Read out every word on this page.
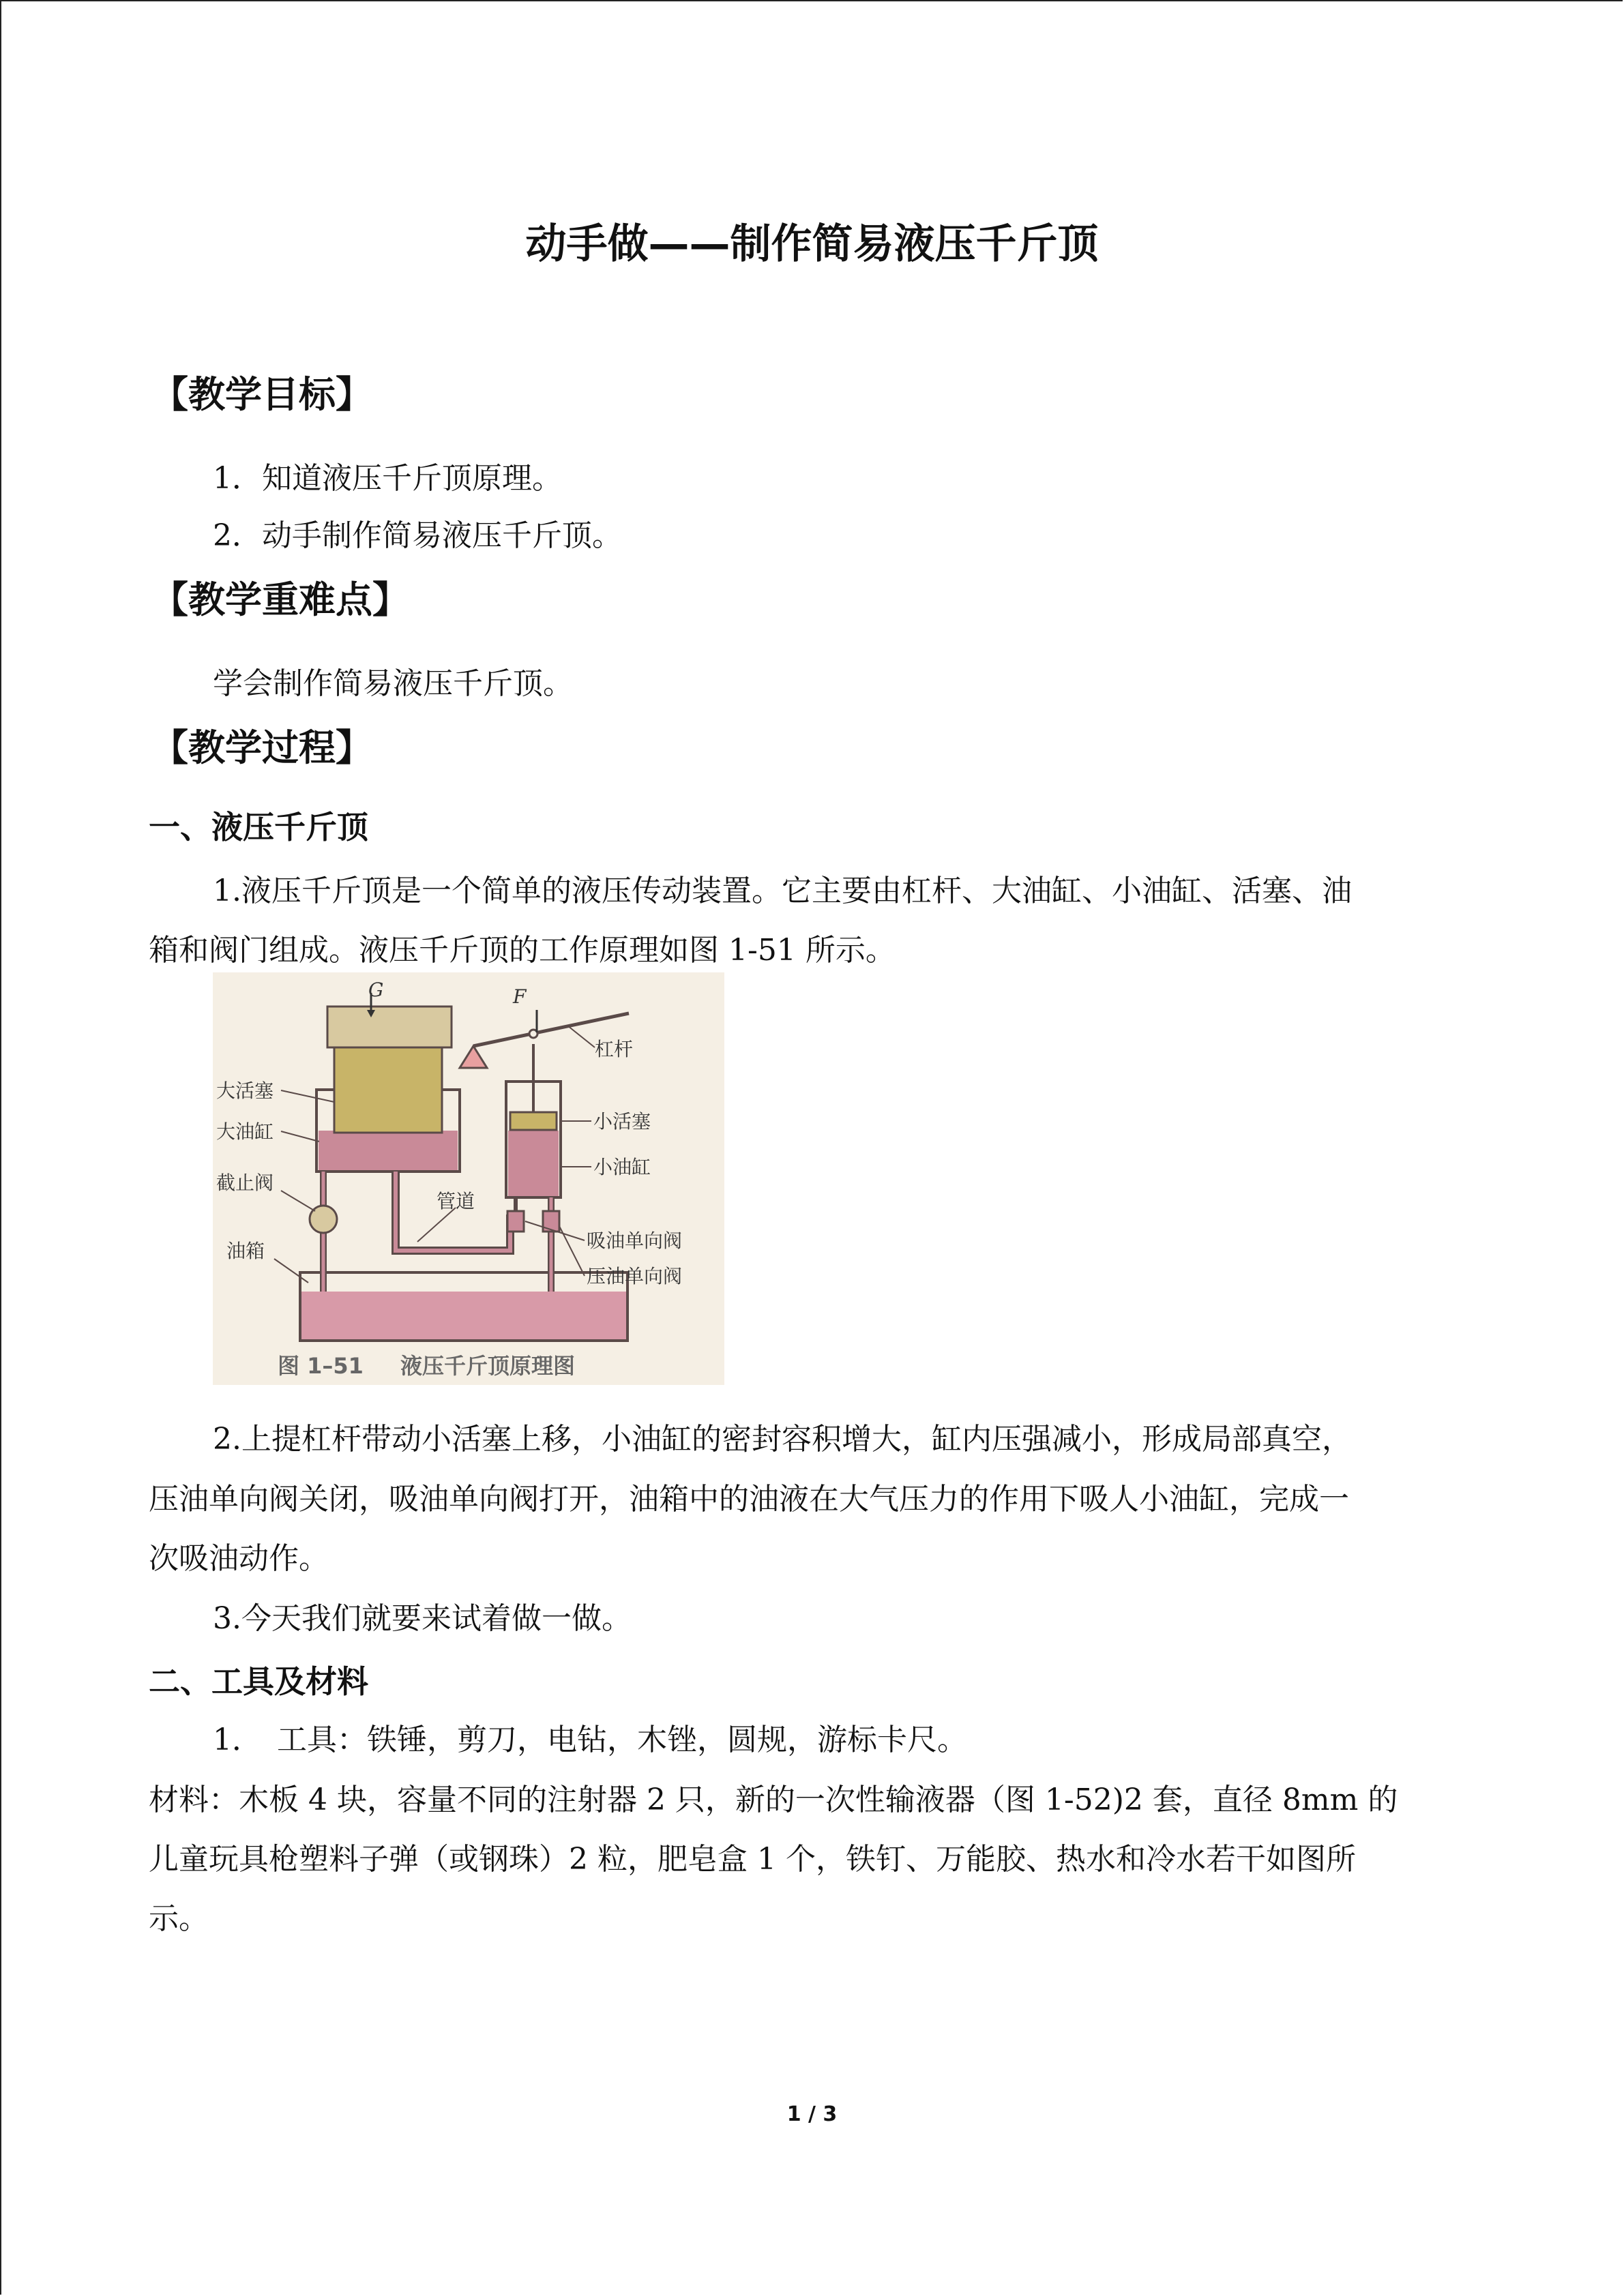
动手做——制作简易液压千斤顶
【教学目标】
1．知道液压千斤顶原理。
2．动手制作简易液压千斤顶。
【教学重难点】
学会制作简易液压千斤顶。
【教学过程】
一、液压千斤顶
1.液压千斤顶是一个简单的液压传动装置。它主要由杠杆、大油缸、小油缸、活塞、油
箱和阀门组成。液压千斤顶的工作原理如图 1-51 所示。
G	F
杠杆
大活塞
大油缸
截止阀
管道
油箱
小活塞
小油缸
吸油单向阀
压油单向阀
图 1–51 液压千斤顶原理图
2.上提杠杆带动小活塞上移，小油缸的密封容积增大，缸内压强减小，形成局部真空，
压油单向阀关闭，吸油单向阀打开，油箱中的油液在大气压力的作用下吸人小油缸，完成一
次吸油动作。
3.今天我们就要来试着做一做。
二、工具及材料
1．　工具：铁锤，剪刀，电钻，木锉，圆规，游标卡尺。
材料：木板 4 块，容量不同的注射器 2 只，新的一次性输液器（图 1-52)2 套，直径 8mm 的
儿童玩具枪塑料子弹（或钢珠）2 粒，肥皂盒 1 个，铁钉、万能胶、热水和冷水若干如图所
示。
1 / 3
